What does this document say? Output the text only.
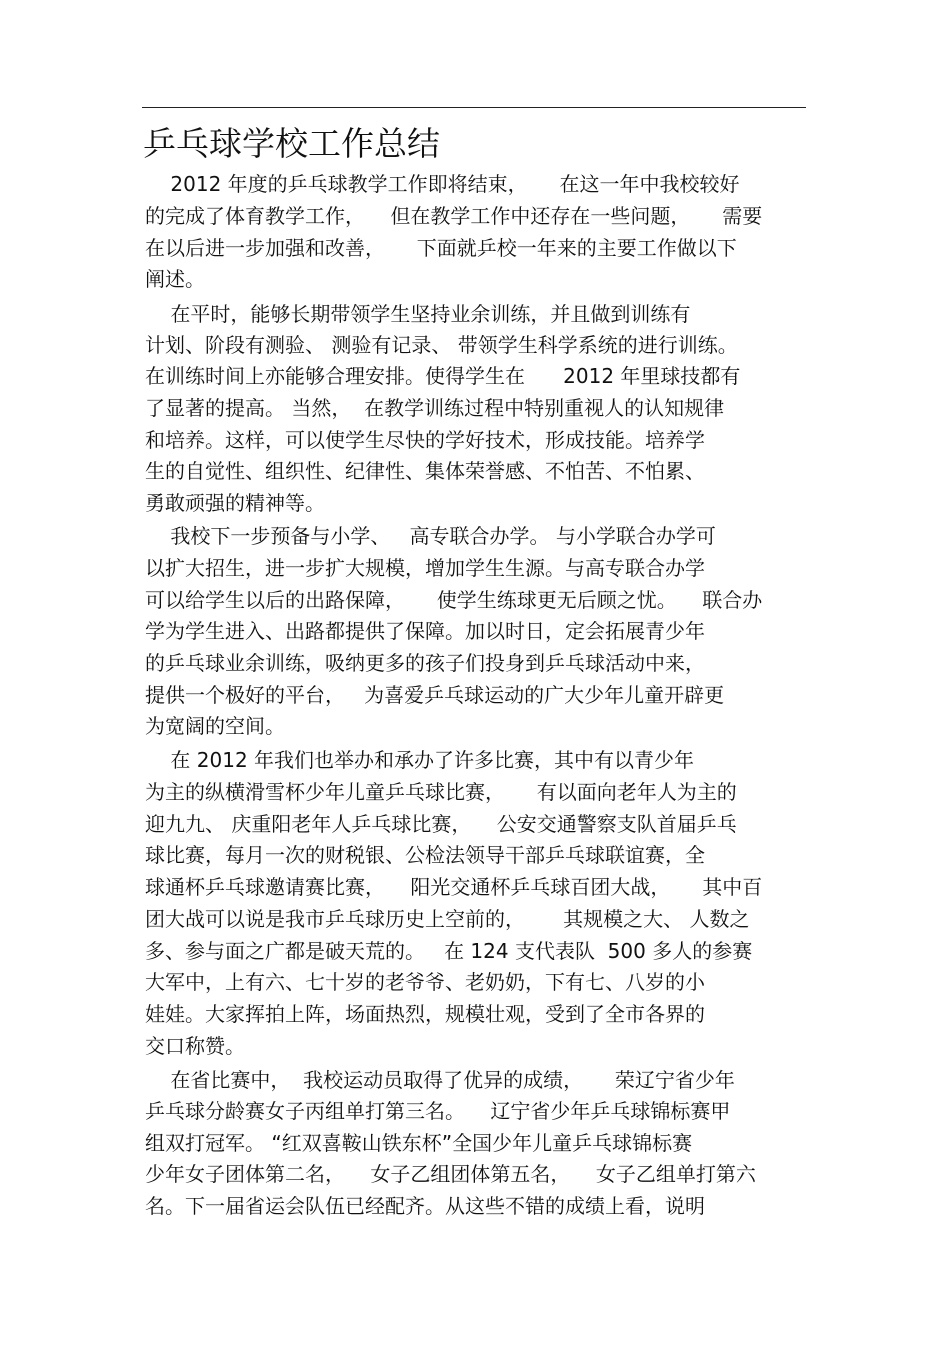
乒乓球学校工作总结
2012 年度的乒乓球教学工作即将结束，     在这一年中我校较好
的完成了体育教学工作，    但在教学工作中还存在一些问题，     需要
在以后进一步加强和改善，     下面就乒校一年来的主要工作做以下
阐述。
在平时，能够长期带领学生坚持业余训练，并且做到训练有
计划、阶段有测验、 测验有记录、 带领学生科学系统的进行训练。
在训练时间上亦能够合理安排。使得学生在      2012 年里球技都有
了显著的提高。 当然，  在教学训练过程中特别重视人的认知规律
和培养。这样，可以使学生尽快的学好技术，形成技能。培养学
生的自觉性、组织性、纪律性、集体荣誉感、不怕苦、不怕累、
勇敢顽强的精神等。
我校下一步预备与小学、   高专联合办学。 与小学联合办学可
以扩大招生，进一步扩大规模，增加学生生源。与高专联合办学
可以给学生以后的出路保障，     使学生练球更无后顾之忧。    联合办
学为学生进入、出路都提供了保障。加以时日，定会拓展青少年
的乒乓球业余训练，吸纳更多的孩子们投身到乒乓球活动中来，
提供一个极好的平台，   为喜爱乒乓球运动的广大少年儿童开辟更
为宽阔的空间。
在 2012 年我们也举办和承办了许多比赛，其中有以青少年
为主的纵横滑雪杯少年儿童乒乓球比赛，     有以面向老年人为主的
迎九九、 庆重阳老年人乒乓球比赛，    公安交通警察支队首届乒乓
球比赛，每月一次的财税银、公检法领导干部乒乓球联谊赛，全
球通杯乒乓球邀请赛比赛，    阳光交通杯乒乓球百团大战，     其中百
团大战可以说是我市乒乓球历史上空前的，      其规模之大、 人数之
多、参与面之广都是破天荒的。   在 124 支代表队  500 多人的参赛
大军中，上有六、七十岁的老爷爷、老奶奶，下有七、八岁的小
娃娃。大家挥拍上阵，场面热烈，规模壮观，受到了全市各界的
交口称赞。
在省比赛中，  我校运动员取得了优异的成绩，     荣辽宁省少年
乒乓球分龄赛女子丙组单打第三名。    辽宁省少年乒乓球锦标赛甲
组双打冠军。 “红双喜鞍山铁东杯”全国少年儿童乒乓球锦标赛
少年女子团体第二名，    女子乙组团体第五名，    女子乙组单打第六
名。下一届省运会队伍已经配齐。从这些不错的成绩上看，说明
